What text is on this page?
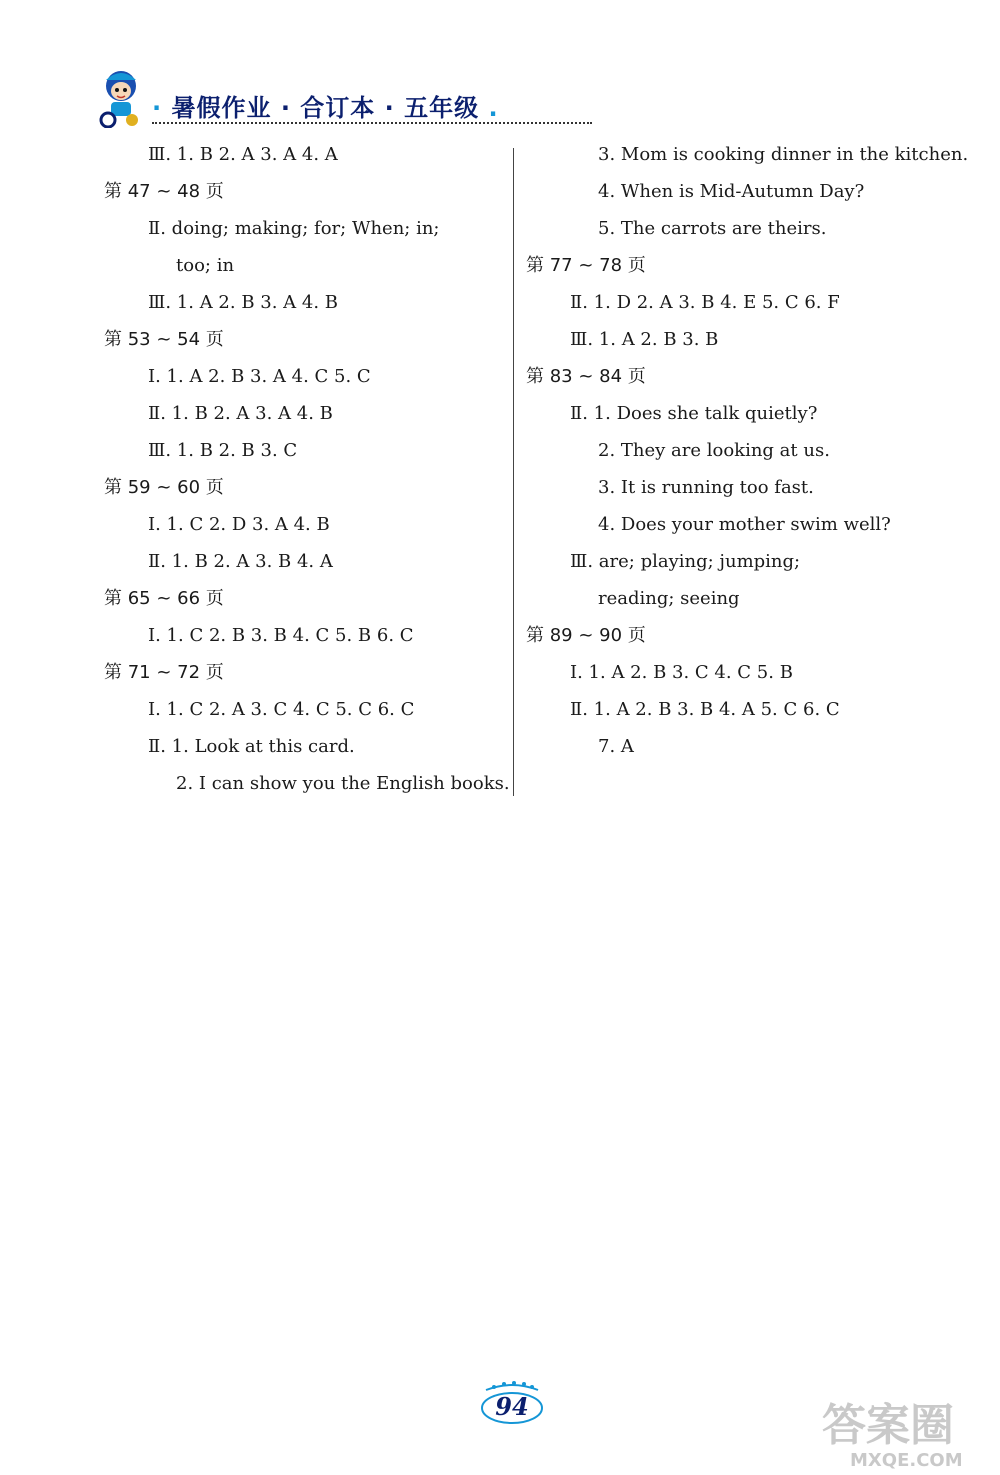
· 暑假作业 · 合订本 · 五年级 .
Ⅲ. 1. B 2. A 3. A 4. A
第 47 ~ 48 页
Ⅱ. doing; making; for; When; in;
too; in
Ⅲ. 1. A 2. B 3. A 4. B
第 53 ~ 54 页
Ⅰ. 1. A 2. B 3. A 4. C 5. C
Ⅱ. 1. B 2. A 3. A 4. B
Ⅲ. 1. B 2. B 3. C
第 59 ~ 60 页
Ⅰ. 1. C 2. D 3. A 4. B
Ⅱ. 1. B 2. A 3. B 4. A
第 65 ~ 66 页
Ⅰ. 1. C 2. B 3. B 4. C 5. B 6. C
第 71 ~ 72 页
Ⅰ. 1. C 2. A 3. C 4. C 5. C 6. C
Ⅱ. 1. Look at this card.
2. I can show you the English books.
3. Mom is cooking dinner in the kitchen.
4. When is Mid-Autumn Day?
5. The carrots are theirs.
第 77 ~ 78 页
Ⅱ. 1. D 2. A 3. B 4. E 5. C 6. F
Ⅲ. 1. A 2. B 3. B
第 83 ~ 84 页
Ⅱ. 1. Does she talk quietly?
2. They are looking at us.
3. It is running too fast.
4. Does your mother swim well?
Ⅲ. are; playing; jumping;
reading; seeing
第 89 ~ 90 页
Ⅰ. 1. A 2. B 3. C 4. C 5. B
Ⅱ. 1. A 2. B 3. B 4. A 5. C 6. C
7. A
94	答案圈
MXQE.COM
